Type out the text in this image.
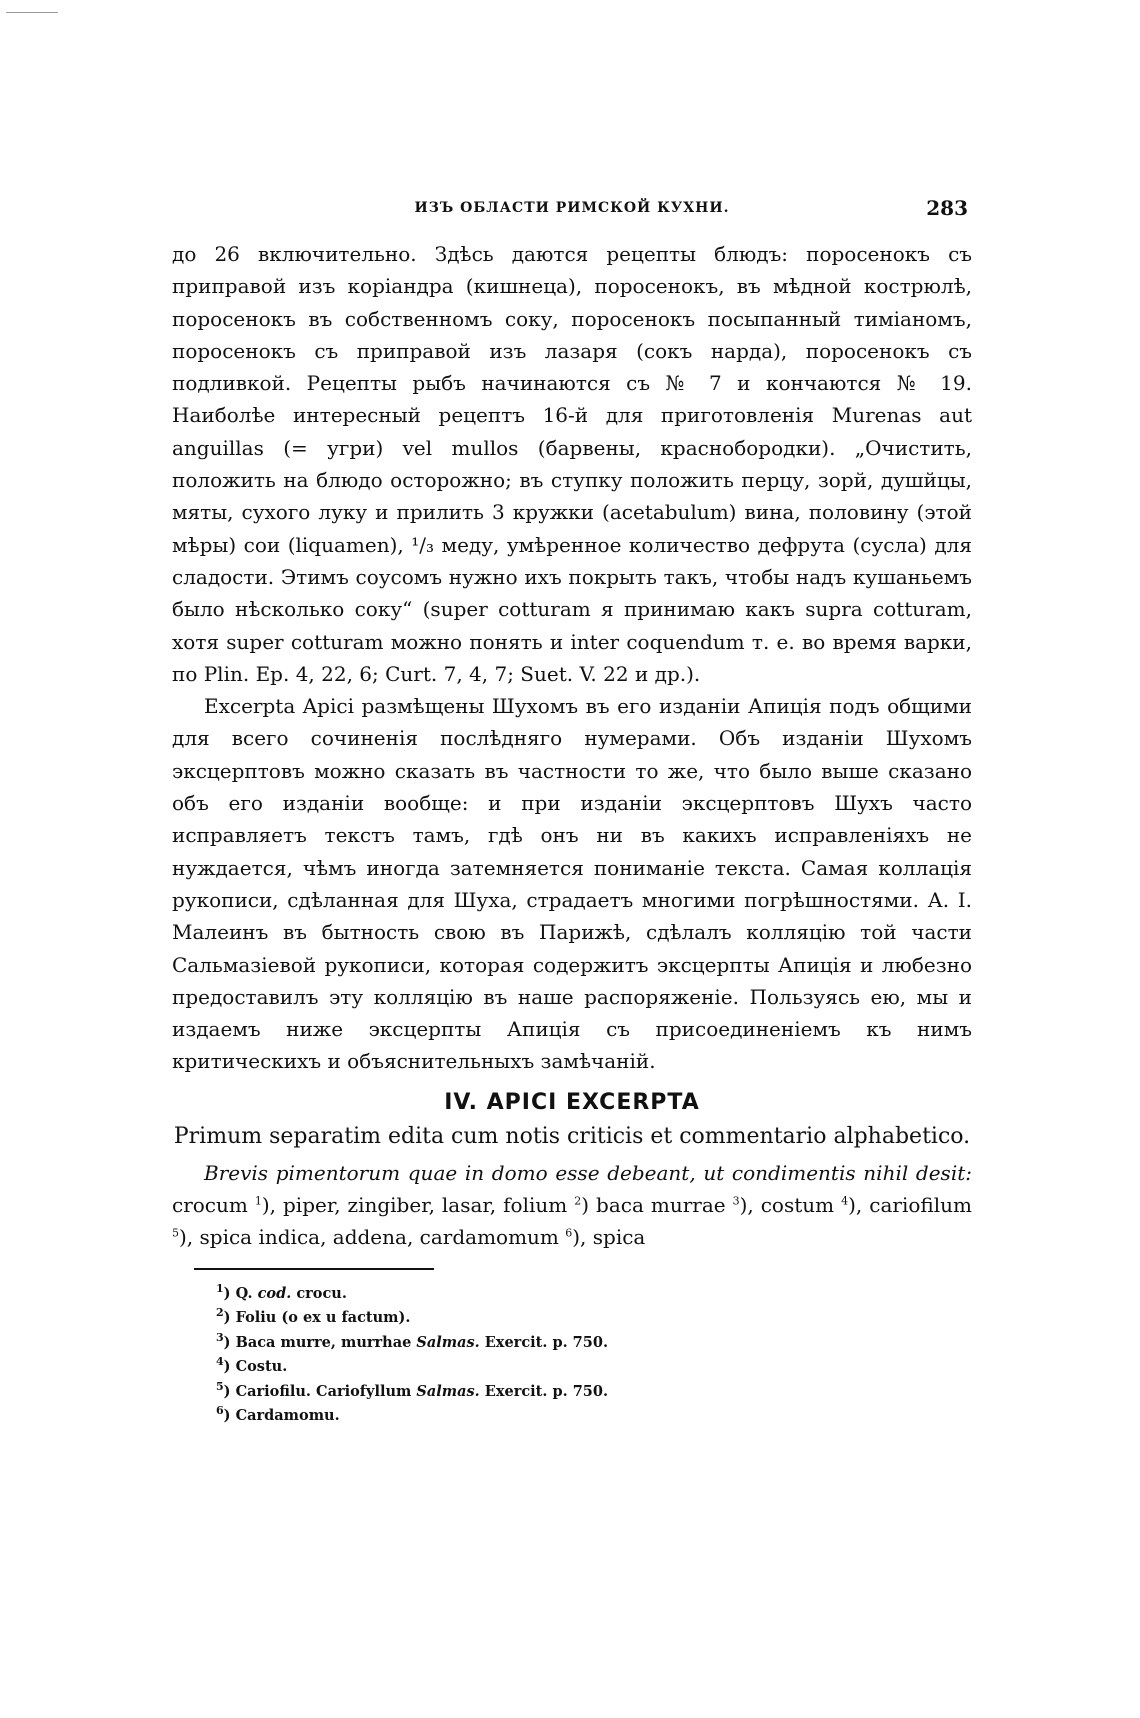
ИЗЪ ОБЛАСТИ РИМСКОЙ КУХНИ.	283

до 26 включительно. Здѣсь даются рецепты блюдъ: поросенокъ съ приправой изъ коріандра (кишнеца), поросенокъ, въ мѣдной кострюлѣ, поросенокъ въ собственномъ соку, поросенокъ посыпанный тиміаномъ, поросенокъ съ приправой изъ лазаря (сокъ нарда), поросенокъ съ подливкой. Рецепты рыбъ начинаются съ № 7 и кончаются № 19. Наиболѣе интересный рецептъ 16-й для приготовленія Murenas aut anguillas (= угри) vel mullos (барвены, краснобородки). „Очистить, положить на блюдо осторожно; въ ступку положить перцу, зорй, душйцы, мяты, сухого луку и прилить 3 кружки (acetabulum) вина, половину (этой мѣры) сои (liquamen), ¹/₃ меду, умѣренное количество дефрута (сусла) для сладости. Этимъ соусомъ нужно ихъ покрыть такъ, чтобы надъ кушаньемъ было нѣсколько соку“ (super cotturam я принимаю какъ supra cotturam, хотя super cotturam можно понять и inter coquendum т. е. во время варки, по Plin. Ep. 4, 22, 6; Curt. 7, 4, 7; Suet. V. 22 и др.).

Excerpta Apici размѣщены Шухомъ въ его изданіи Апиція подъ общими для всего сочиненія послѣдняго нумерами. Объ изданіи Шухомъ эксцерптовъ можно сказать въ частности то же, что было выше сказано объ его изданіи вообще: и при изданіи эксцерптовъ Шухъ часто исправляетъ текстъ тамъ, гдѣ онъ ни въ какихъ исправленіяхъ не нуждается, чѣмъ иногда затемняется пониманіе текста. Самая коллація рукописи, сдѣланная для Шуха, страдаетъ многими погрѣшностями. А. I. Малеинъ въ бытность свою въ Парижѣ, сдѣлалъ колляцію той части Сальмазіевой рукописи, которая содержитъ эксцерпты Апиція и любезно предоставилъ эту колляцію въ наше распоряженіе. Пользуясь ею, мы и издаемъ ниже эксцерпты Апиція съ присоединеніемъ къ нимъ критическихъ и объяснительныхъ замѣчаній.

IV. APICI EXCERPTA

Primum separatim edita cum notis criticis et commentario alphabetico.

Brevis pimentorum quae in domo esse debeant, ut condimentis nihil desit: crocum $^1$), piper, zingiber, lasar, folium $^2$) baca murrae $^3$), costum $^4$), cariofilum $^5$), spica indica, addena, cardamomum $^6$), spica

$^1$) Q. cod. crocu.
$^2$) Foliu (o ex u factum).
$^3$) Baca murre, murrhae Salmas. Exercit. p. 750.
$^4$) Costu.
$^5$) Cariofilu. Cariofyllum Salmas. Exercit. p. 750.
$^6$) Cardamomu.
